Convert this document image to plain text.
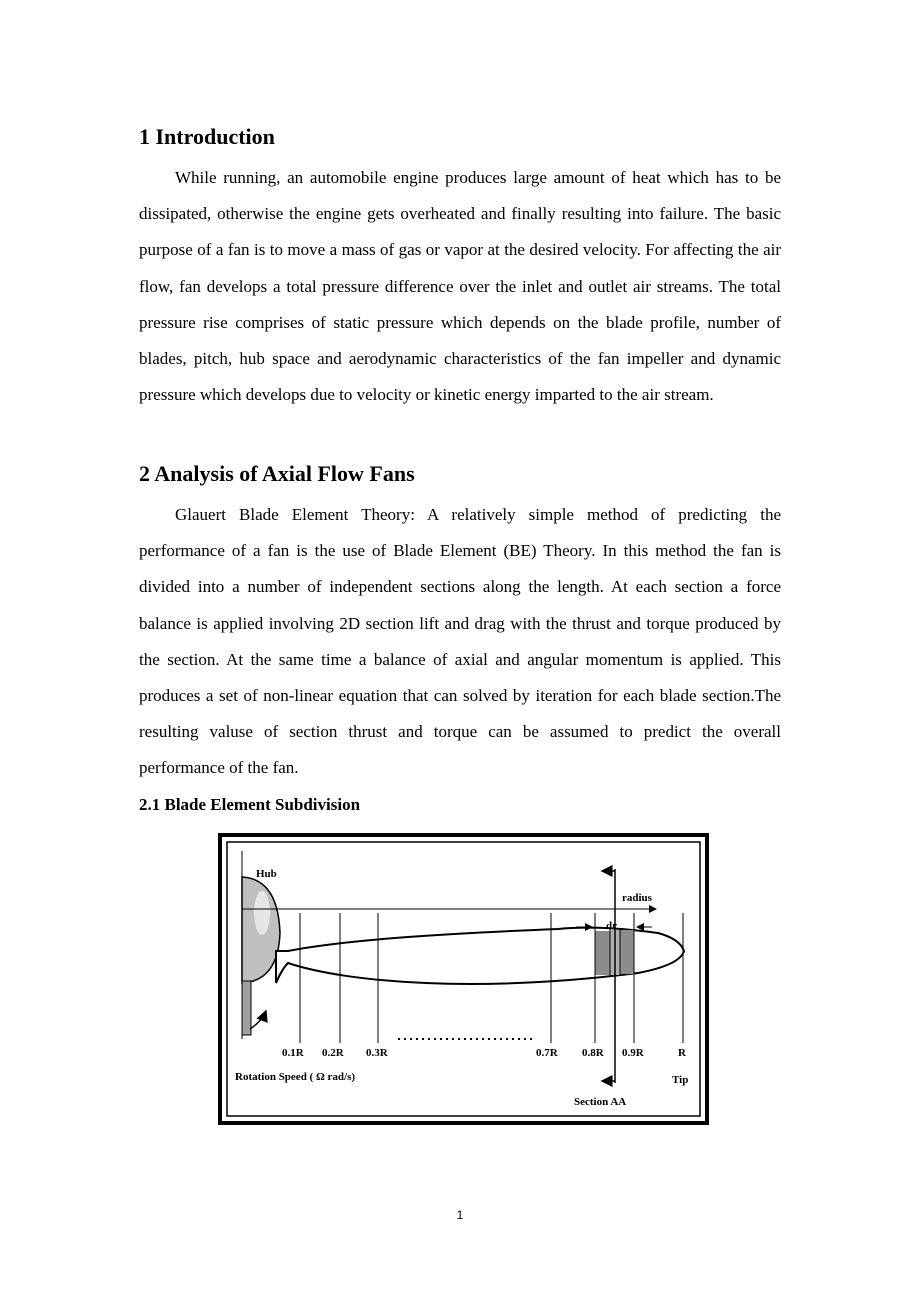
1 Introduction

While running, an automobile engine produces large amount of heat which has to be dissipated, otherwise the engine gets overheated and finally resulting into failure. The basic purpose of a fan is to move a mass of gas or vapor at the desired velocity. For affecting the air flow, fan develops a total pressure difference over the inlet and outlet air streams. The total pressure rise comprises of static pressure which depends on the blade profile, number of blades, pitch, hub space and aerodynamic characteristics of the fan impeller and dynamic pressure which develops due to velocity or kinetic energy imparted to the air stream.

2 Analysis of Axial Flow Fans

Glauert Blade Element Theory: A relatively simple method of predicting the performance of a fan is the use of Blade Element (BE) Theory. In this method the fan is divided into a number of independent sections along the length. At each section a force balance is applied involving 2D section lift and drag with the thrust and torque produced by the section. At the same time a balance of axial and angular momentum is applied. This produces a set of non-linear equation that can solved by iteration for each blade section.The resulting valuse of section thrust and torque can be assumed to predict the overall performance of the fan.

2.1 Blade Element Subdivision
Hub
radius
dr
0.1R 0.2R 0.3R	0.7R 0.8R 0.9R	R
Tip
Rotation Speed ( Ω rad/s)
Section AA
1
